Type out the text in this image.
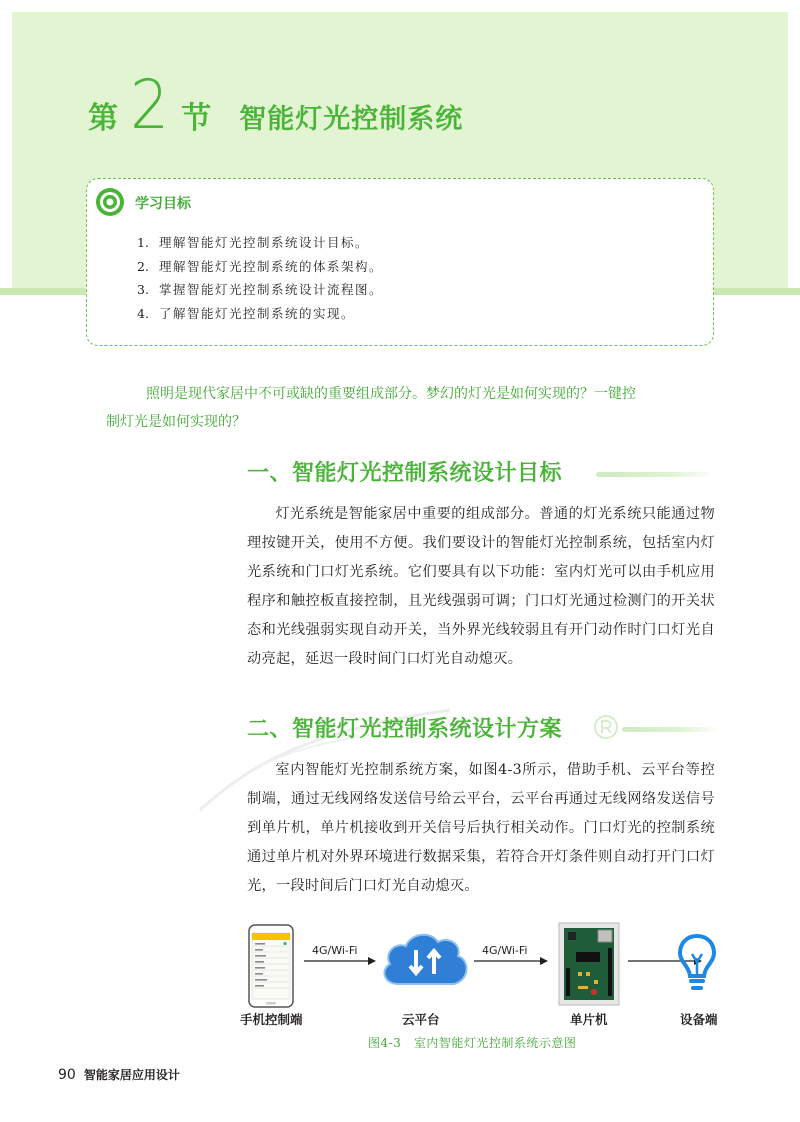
第 2 节 智能灯光控制系统
学习目标
1. 理解智能灯光控制系统设计目标。
2. 理解智能灯光控制系统的体系架构。
3. 掌握智能灯光控制系统设计流程图。
4. 了解智能灯光控制系统的实现。

照明是现代家居中不可或缺的重要组成部分。梦幻的灯光是如何实现的？一键控
制灯光是如何实现的？

一、智能灯光控制系统设计目标

灯光系统是智能家居中重要的组成部分。普通的灯光系统只能通过物理按键开关，使用不方便。我们要设计的智能灯光控制系统，包括室内灯光系统和门口灯光系统。它们要具有以下功能：室内灯光可以由手机应用程序和触控板直接控制，且光线强弱可调；门口灯光通过检测门的开关状态和光线强弱实现自动开关，当外界光线较弱且有开门动作时门口灯光自动亮起，延迟一段时间门口灯光自动熄灭。

二、智能灯光控制系统设计方案

室内智能灯光控制系统方案，如图4-3所示，借助手机、云平台等控制端，通过无线网络发送信号给云平台，云平台再通过无线网络发送信号到单片机，单片机接收到开关信号后执行相关动作。门口灯光的控制系统通过单片机对外界环境进行数据采集，若符合开灯条件则自动打开门口灯光，一段时间后门口灯光自动熄灭。

手机控制端
4G/Wi-Fi
云平台
4G/Wi-Fi
单片机	设备端
图4-3　室内智能灯光控制系统示意图
90 智能家居应用设计
